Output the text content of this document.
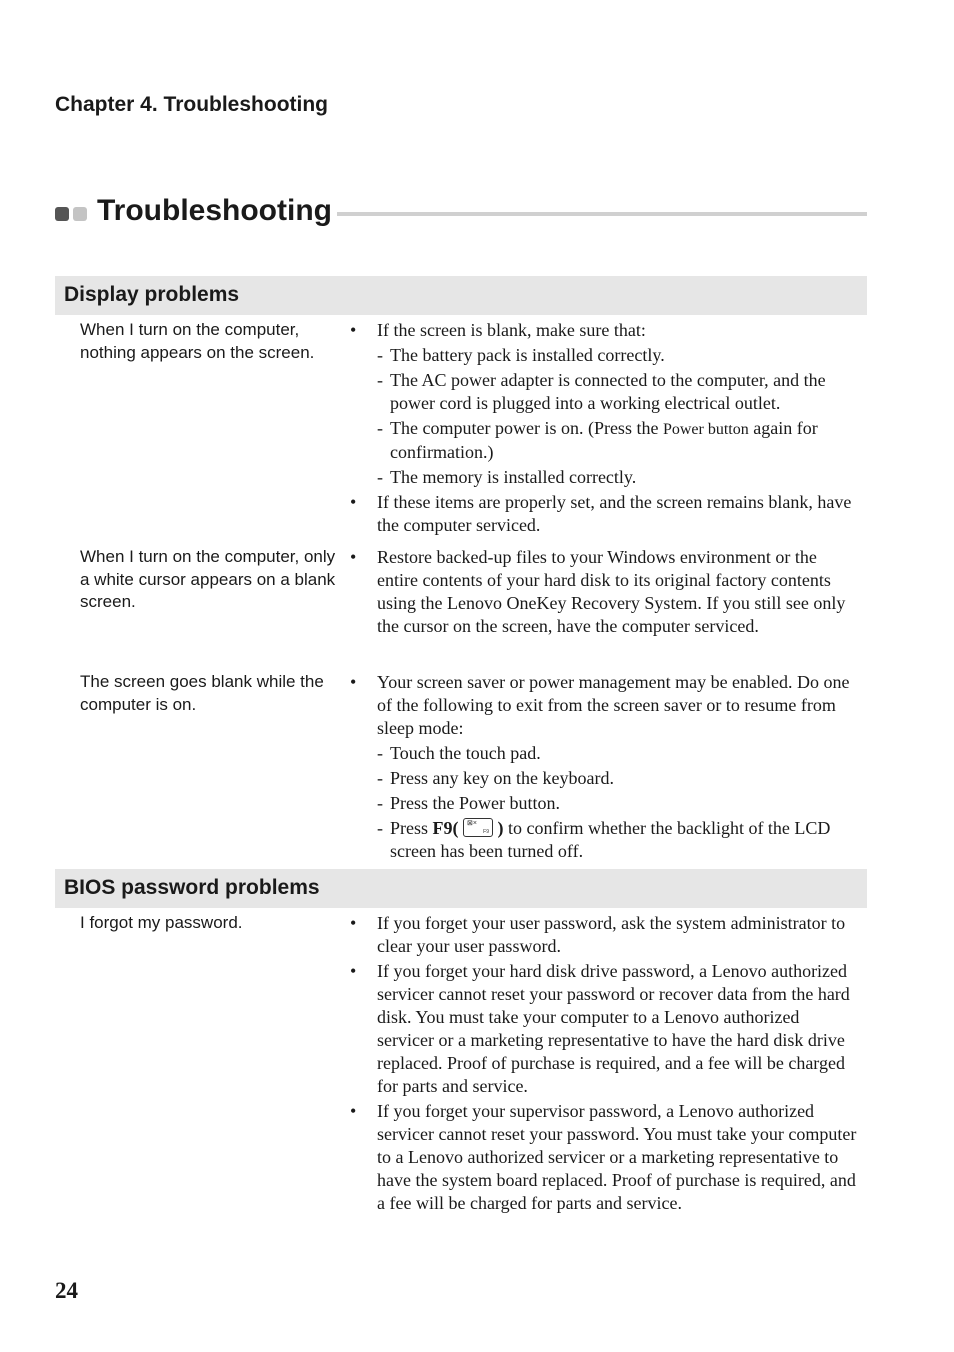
Chapter 4. Troubleshooting
Troubleshooting
Display problems
When I turn on the computer, nothing appears on the screen.
• If the screen is blank, make sure that:
- The battery pack is installed correctly.
- The AC power adapter is connected to the computer, and the power cord is plugged into a working electrical outlet.
- The computer power is on. (Press the Power button again for confirmation.)
- The memory is installed correctly.
• If these items are properly set, and the screen remains blank, have the computer serviced.
When I turn on the computer, only a white cursor appears on a blank screen.
• Restore backed-up files to your Windows environment or the entire contents of your hard disk to its original factory contents using the Lenovo OneKey Recovery System. If you still see only the cursor on the screen, have the computer serviced.
The screen goes blank while the computer is on.
• Your screen saver or power management may be enabled. Do one of the following to exit from the screen saver or to resume from sleep mode:
- Touch the touch pad.
- Press any key on the keyboard.
- Press the Power button.
- Press F9( ⊠×
F9 ) to confirm whether the backlight of the LCD screen has been turned off.
BIOS password problems
I forgot my password.
•	If you forget your user password, ask the system administrator to clear your user password.
• If you forget your hard disk drive password, a Lenovo authorized servicer cannot reset your password or recover data from the hard disk. You must take your computer to a Lenovo authorized servicer or a marketing representative to have the hard disk drive replaced. Proof of purchase is required, and a fee will be charged for parts and service.
• If you forget your supervisor password, a Lenovo authorized servicer cannot reset your password. You must take your computer to a Lenovo authorized servicer or a marketing representative to have the system board replaced. Proof of purchase is required, and a fee will be charged for parts and service.
24
